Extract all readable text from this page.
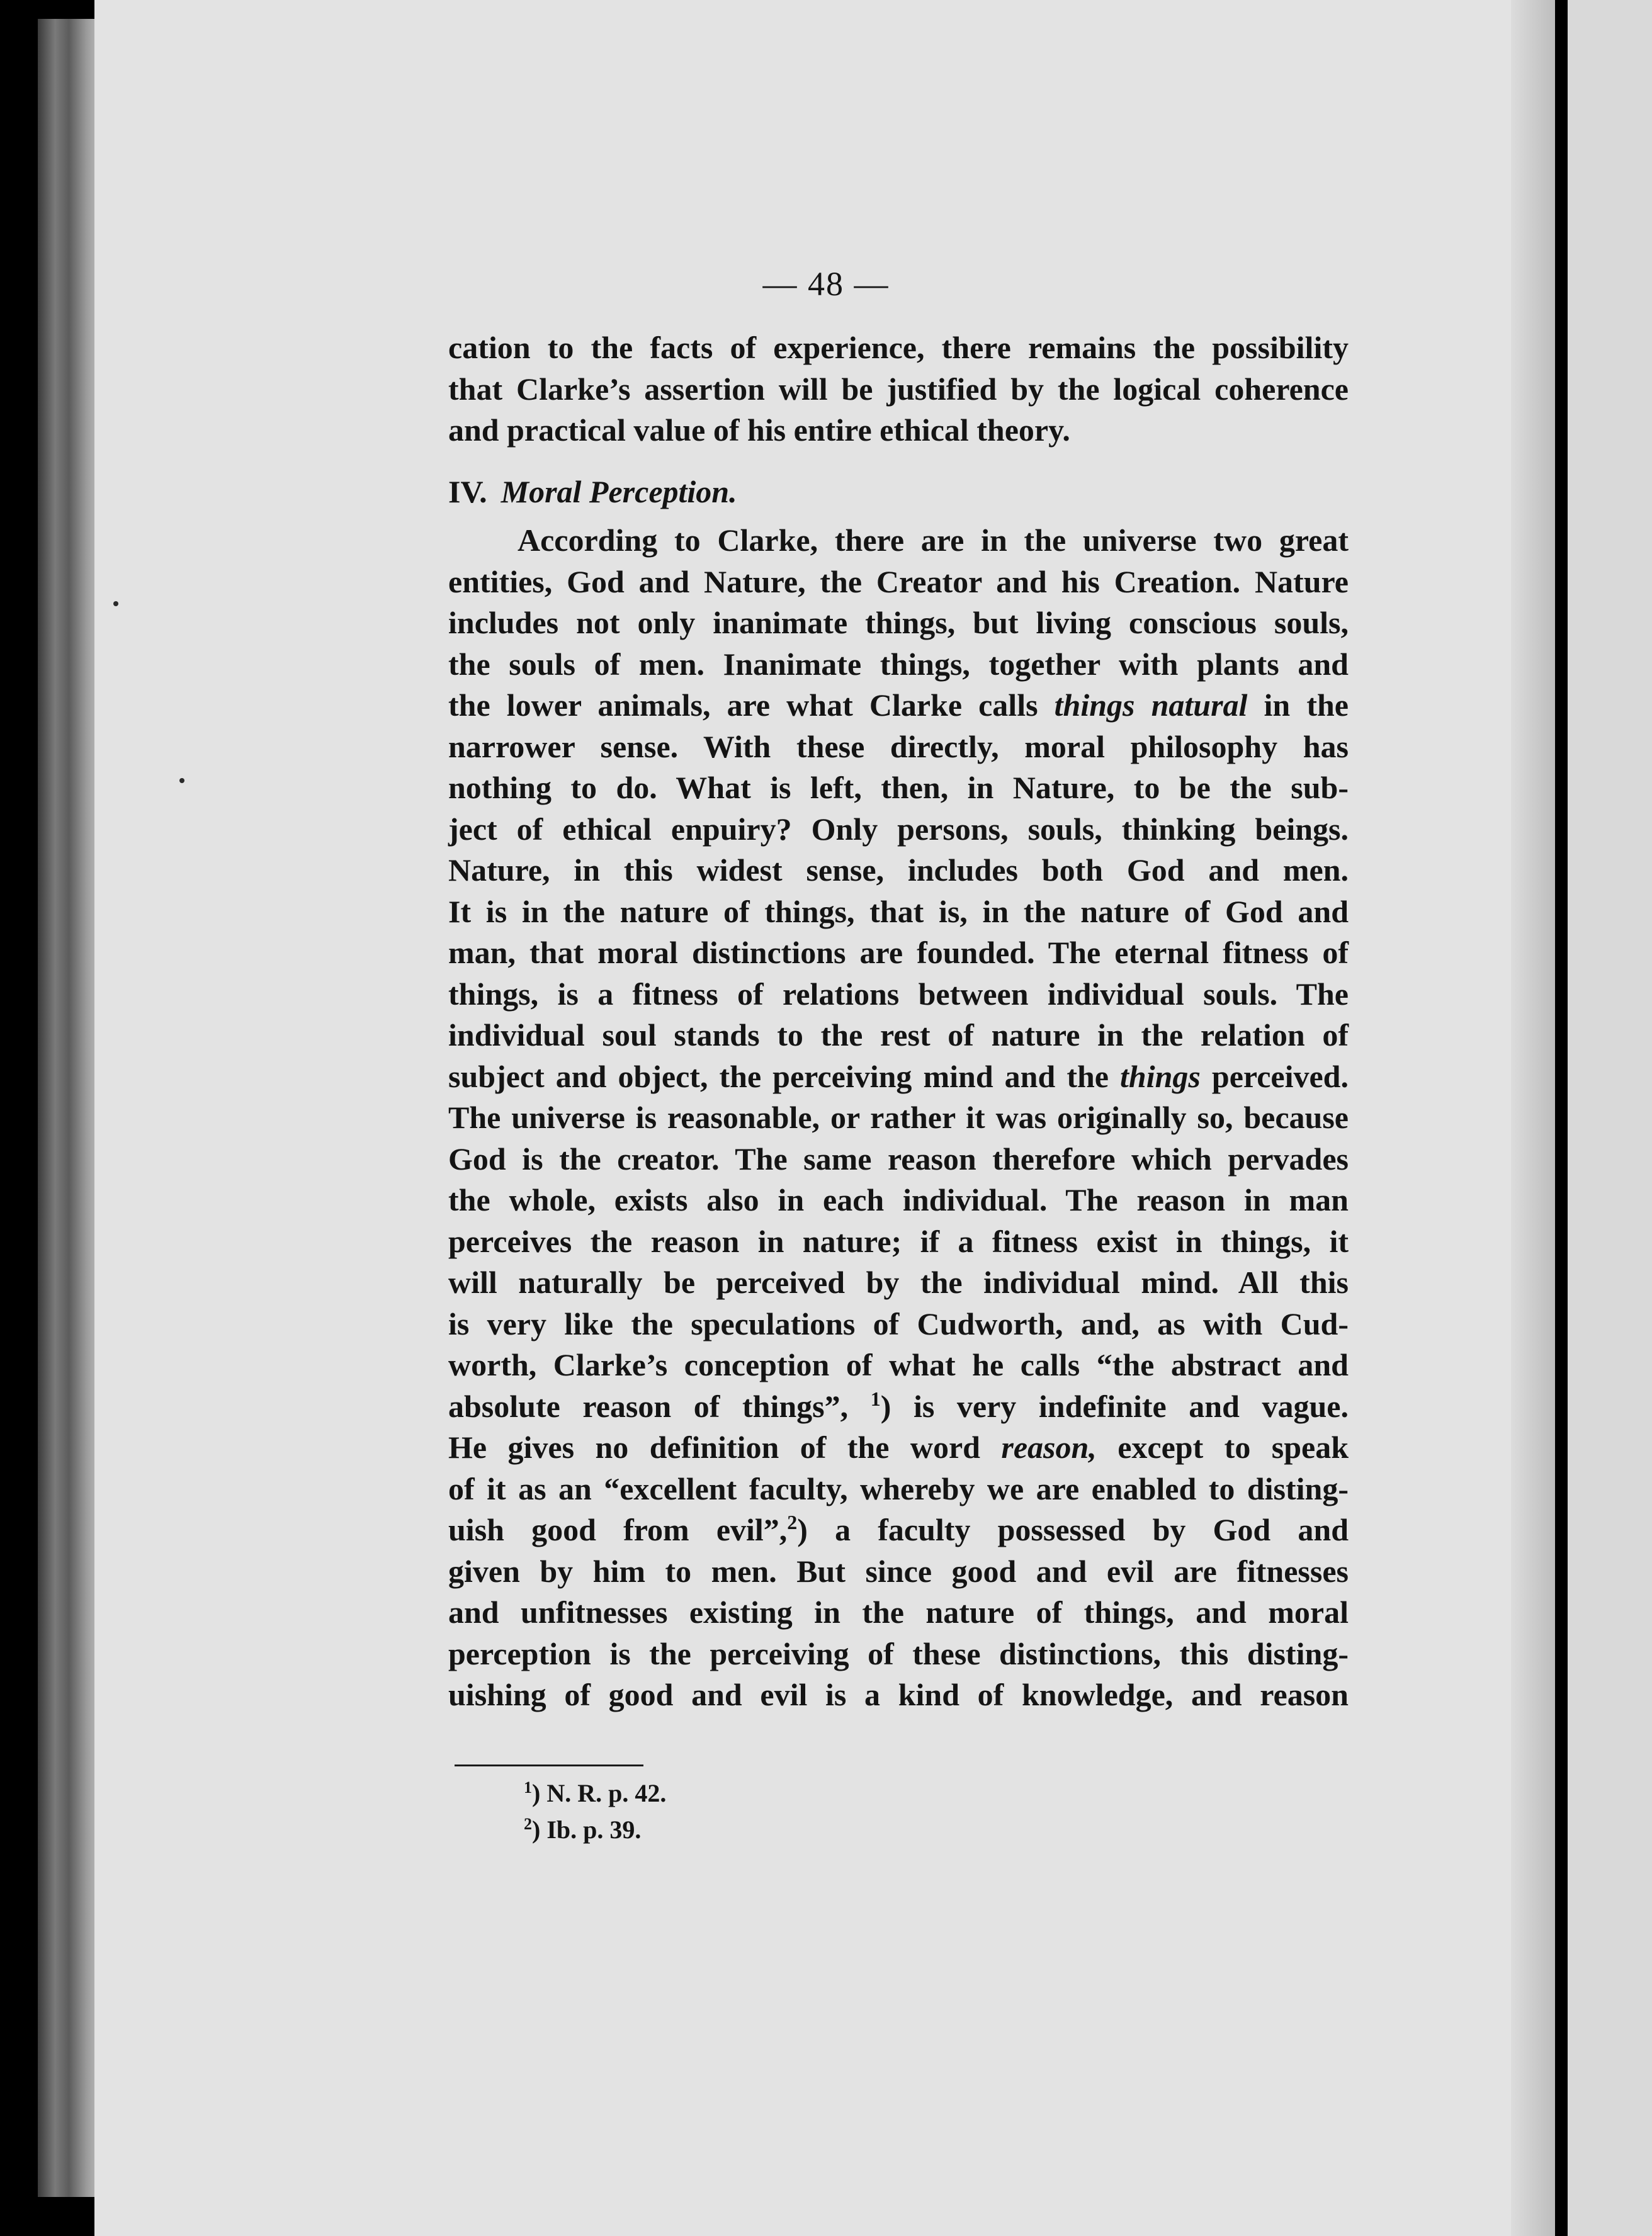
— 48 —
cation to the facts of experience, there remains the possibility
that Clarke’s assertion will be justified by the logical coherence
and practical value of his entire ethical theory.
IV. Moral Perception.
According to Clarke, there are in the universe two great
entities, God and Nature, the Creator and his Creation. Nature
includes not only inanimate things, but living conscious souls,
the souls of men. Inanimate things, together with plants and
the lower animals, are what Clarke calls things natural in the
narrower sense. With these directly, moral philosophy has
nothing to do. What is left, then, in Nature, to be the sub-
ject of ethical enpuiry? Only persons, souls, thinking beings.
Nature, in this widest sense, includes both God and men.
It is in the nature of things, that is, in the nature of God and
man, that moral distinctions are founded. The eternal fitness of
things, is a fitness of relations between individual souls. The
individual soul stands to the rest of nature in the relation of
subject and object, the perceiving mind and the things perceived.
The universe is reasonable, or rather it was originally so, because
God is the creator. The same reason therefore which pervades
the whole, exists also in each individual. The reason in man
perceives the reason in nature; if a fitness exist in things, it
will naturally be perceived by the individual mind. All this
is very like the speculations of Cudworth, and, as with Cud-
worth, Clarke’s conception of what he calls “the abstract and
absolute reason of things”, $^1$) is very indefinite and vague.
He gives no definition of the word reason, except to speak
of it as an “excellent faculty, whereby we are enabled to disting-
uish good from evil”,$^2$) a faculty possessed by God and
given by him to men. But since good and evil are fitnesses
and unfitnesses existing in the nature of things, and moral
perception is the perceiving of these distinctions, this disting-
uishing of good and evil is a kind of knowledge, and reason
$^1$) N. R. p. 42.
$^2$) Ib. p. 39.
